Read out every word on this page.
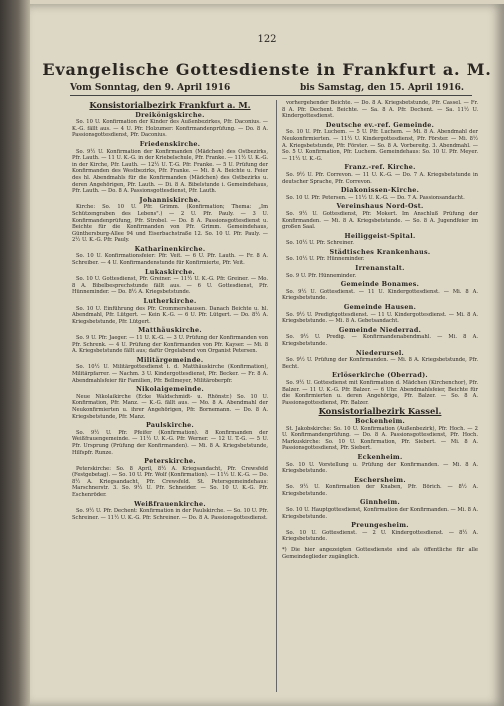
122
Evangelische Gottesdienste in Frankfurt a. M.
Vom Sonntag, den 9. April 1916	bis Samstag, den 15. April 1916.
Konsistorialbezirk Frankfurt a. M.
Dreikönigskirche.
So. 10 U. Konfirmation der Kinder des Außenbezirkes, Pfr. Daconius. — K.-G. fällt aus. — 4 U. Pfr. Holzumer: Konfirmandenprüfung. — Do. 8 A. Passionsgottesdienst, Pfr. Daconius.
Friedenskirche.
So. 9½ U. Konfirmation der Konfirmanden (Mädchen) des Ostbezirks, Pfr. Lauth. — 11 U. K.-G. in der Kriebelschule, Pfr. Franke. — 11½ U. K.-G. in der Kirche, Pfr. Lauth. — 12½ U. T.-G. Pfr. Franke. — 5 U. Prüfung der Konfirmanden des Westbezirks, Pfr. Franke. — Mi. 8 A. Beichte u. Feier des hl. Abendmahls für die Konfirmanden (Mädchen) des Ostbezirks u. deren Angehörigen, Pfr. Lauth. — Di. 8 A. Bibelstunde i. Gemeindehaus, Pfr. Lauth. — Do. 8 A. Passionsgottesdienst, Pfr. Lauth.
Johanniskirche.
Kirche: So. 10 U. Pfr. Grimm. (Konfirmation; Thema: „Im Schützengraben des Lebens".) — 2 U. Pfr. Pauly. — 3 U. Konfirmandenprüfung, Pfr. Strobel. — Do. 8 A. Passionsgottesdienst u. Beichte für die Konfirmanden von Pfr. Grimm. Gemeindehaus, Günthersburg-Allee 94 und Eiserbachstraße 12. So. 10 U. Pfr. Pauly. — 2½ U. K.-G. Pfr. Pauly.
Katharinenkirche.
So. 10 U. Konfirmationsfeier: Pfr. Veit. — 6 U. Pfr. Lauth. — Fr. 8 A. Schreiber. — 4 U. Konfirmandenstunde für Konfirmierte, Pfr. Veit.
Lukaskirche.
So. 10 U. Gottesdienst, Pfr. Greiner. — 11½ U. K.-G. Pfr. Greiner. — Mo. 8 A. Bibelbesprechstunde fällt aus. — 6 U. Gottesdienst, Pfr. Hünneminder. — Do. 8½ A. Kriegsbetstunde.
Lutherkirche.
So. 10 U. Einführung des Pfr. Crommershausen. Danach Beichte u. hl. Abendmahl, Pfr. Lütgert. — Kein K.-G. — 6 U. Pfr. Lütgert. — Do. 8½ A. Kriegsbetstunde, Pfr. Lütgert.
Matthäuskirche.
So. 9 U. Pfr. Jaeger. — 11 U. K.-G. — 3 U. Prüfung der Konfirmanden von Pfr. Schrenk. — 4 U. Prüfung der Konfirmanden von Pfr. Kayser. — Mi. 8 A. Kriegsbetstunde fällt aus; dafür Orgelabend von Organist Petersen.
Militärgemeinde.
So. 10½ U. Militärgottesdienst i. d. Matthäuskirche (Konfirmation), Militärpfarrer. — Nachm. 3 U. Kindergottesdienst, Pfr. Becker. — Fr. 8 A. Abendmahlsfeier für Familien, Pfr. Bellmeyer, Militäroberpfr.
Nikolaigemeinde.
Neue Nikolaikirche (Ecke Waldschmidt- u. Rhönstr.) So. 10 U. Konfirmation, Pfr. Manz. — K.-G. fällt aus. — Mo. 8 A. Abendmahl der Neukonfirmierten u. ihrer Angehörigen, Pfr. Bornemann. — Do. 8 A. Kriegsbetstunde, Pfr. Manz.
Paulskirche.
So. 9½ U. Pfr. Pfeifer (Konfirmation). 8 Konfirmanden der Weißfrauengemeinde. — 11½ U. K.-G. Pfr. Werner. — 12 U. T.-G. — 5 U. Pfr. Ursprung (Prüfung der Konfirmanden). — Mi. 8 A. Kriegsbetstunde, Hilfspfr. Runze.
Peterskirche.
Peterskirche: So. 8 April, 8½ A. Kriegsandacht, Pfr. Crewsfeld (Festgebetag). — So. 10 U. Pfr. Wolf (Konfirmation). — 11½ U. K.-G. — Do. 8½ A. Kriegsandacht, Pfr. Crewsfeld. St. Petersgemeindehaus: Marschnerstr. 3. So. 9½ U. Pfr. Schneider. — So. 10 U. K.-G. Pfr. Eschenröder.
Weißfrauenkirche.
So. 9½ U. Pfr. Dechent: Konfirmation in der Paulskirche. — So. 10 U. Pfr. Schreiner. — 11½ U. K.-G. Pfr. Schreiner. — Do. 8 A. Passionsgottesdienst.
vorhergehender Beichte. — Do. 8 A. Kriegsbetstunde, Pfr. Cassel. — Fr. 8 A. Pfr. Dechent. Beichte. — Sa. 8 A. Pfr. Dechent. — Sa. 11½ U. Kindergottesdienst.
Deutsche ev.-ref. Gemeinde.
So. 10 U. Pfr. Luchem. — 5 U. Pfr. Luchem. — Mi. 8 A. Abendmahl der Neukonfirmierten. — 11½ U. Kindergottesdienst, Pfr. Förster. — Mi. 8½ A. Kriegsbetstunde, Pfr. Förster. — So. 8 A. Vorbereitg. 3. Abendmahl. — So. 5 U. Konfirmation, Pfr. Luchem. Gemeindehaus: So. 10 U. Pfr. Meyer. — 11½ U. K.-G.
Franz.-ref. Kirche.
So. 9½ U. Pfr. Correvon. — 11 U. K.-G. — Do. 7 A. Kriegsbetstunde in deutscher Sprache, Pfr. Correvon.
Diakonissen-Kirche.
So. 10 U. Pfr. Petersen. — 11½ U. K.-G. — Do. 7 A. Passionsandacht.
Vereinshaus Nord-Ost.
So. 9½ U. Gottesdienst, Pfr. Mokert. Im Anschluß Prüfung der Konfirmanden. — Mi. 8 A. Kriegsbetstunde. — So. 8 A. Jugendfeier im großen Saal.
Heiliggeist-Spital.
So. 10½ U. Pfr. Schreiner.
Städtisches Krankenhaus.
So. 10½ U. Pfr. Hünneminder.
Irrenanstalt.
So. 9 U. Pfr. Hünneminder.
Gemeinde Bonames.
So. 9½ U. Gottesdienst. — 11 U. Kindergottesdienst. — Mi. 8 A. Kriegsbetstunde.
Gemeinde Hausen.
So. 9½ U. Predigtgottesdienst. — 11 U. Kindergottesdienst. — Mi. 8 A. Kriegsbetstunde. — Mi. 8 A. Gebetsandacht.
Gemeinde Niederrad.
So. 9½ U. Predig. — Konfirmandenabendmahl. — Mi. 8 A. Kriegsbetstunde.
Niederursel.
So. 9½ U. Prüfung der Konfirmanden. — Mi. 8 A. Kriegsbetstunde, Pfr. Becht.
Erlöserkirche (Oberrad).
So. 9½ U. Gottesdienst mit Konfirmation d. Mädchen (Kirchenchor), Pfr. Balzer. — 11 U. K.-G. Pfr. Balzer. — 6 Uhr. Abendmahlsfeier, Beichte für die Konfirmierten u. deren Angehörige, Pfr. Balzer. — So. 8 A. Passionsgottesdienst, Pfr. Balzer.
Konsistorialbezirk Kassel.
Bockenheim.
St. Jakobskirche: So. 10 U. Konfirmation (Außenbezirk), Pfr. Hoch. — 2 U. Konfirmandenprüfung. — Do. 8 A. Passionsgottesdienst, Pfr. Hoch. Markuskirche: So. 10 U. Konfirmation, Pfr. Siebert. — Mi. 8 A. Passionsgottesdienst, Pfr. Siebert.
Eckenheim.
So. 10 U. Vorstellung u. Prüfung der Konfirmanden. — Mi. 8 A. Kriegsbetstunde.
Eschersheim.
So. 9½ U. Konfirmation der Knaben, Pfr. Börich. — 8½ A. Kriegsbetstunde.
Ginnheim.
So. 10 U. Hauptgottesdienst, Konfirmation der Konfirmanden. — Mi. 8 A. Kriegsbetstunde.
Preungesheim.
So. 10 U. Gottesdienst. — 2 U. Kindergottesdienst. — 8½ A. Kriegsbetstunde.
*) Die hier angezeigten Gottesdienste sind als öffentliche für alle Gemeindeglieder zugänglich.
